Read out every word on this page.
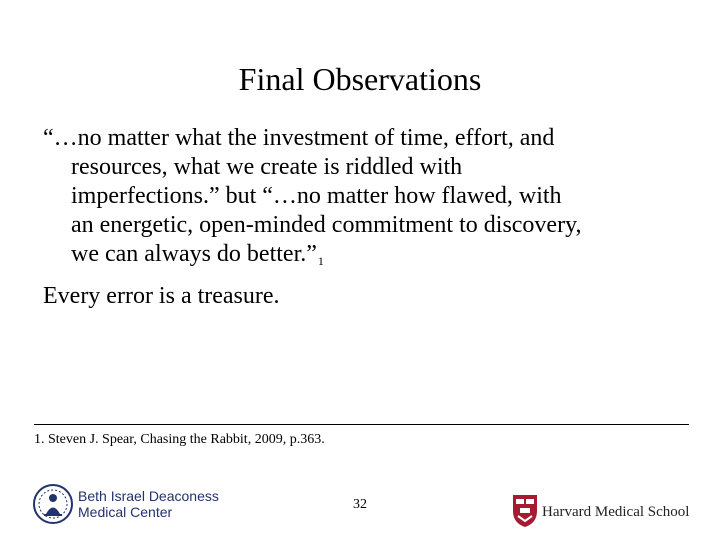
Final Observations

“…no matter what the investment of time, effort, and
resources, what we create is riddled with
imperfections.” but “…no matter how flawed, with
an energetic, open-minded commitment to discovery,
we can always do better.”$^1$

Every error is a treasure.
1. Steven J. Spear, Chasing the Rabbit, 2009, p.363.
32
Beth Israel Deaconess
Medical Center	Harvard Medical School
